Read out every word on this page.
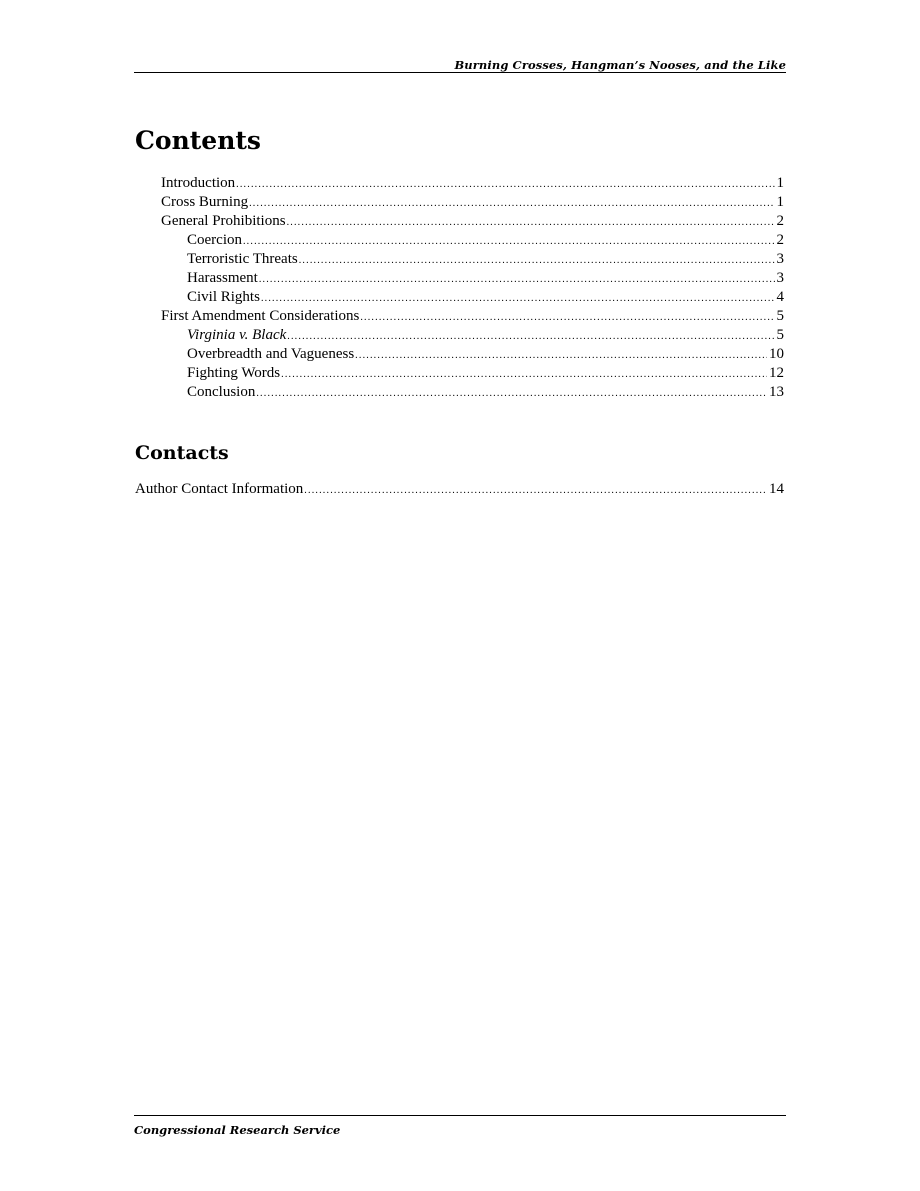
Burning Crosses, Hangman’s Nooses, and the Like
Contents
Introduction .....	1
Cross Burning .....	1
General Prohibitions .....	2
Coercion .....	2
Terroristic Threats .....	3
Harassment .....	3
Civil Rights .....	4
First Amendment Considerations .....	5
Virginia v. Black .....	5
Overbreadth and Vagueness .....	10
Fighting Words .....	12
Conclusion .....	13
Contacts
Author Contact Information .....	14
Congressional Research Service
